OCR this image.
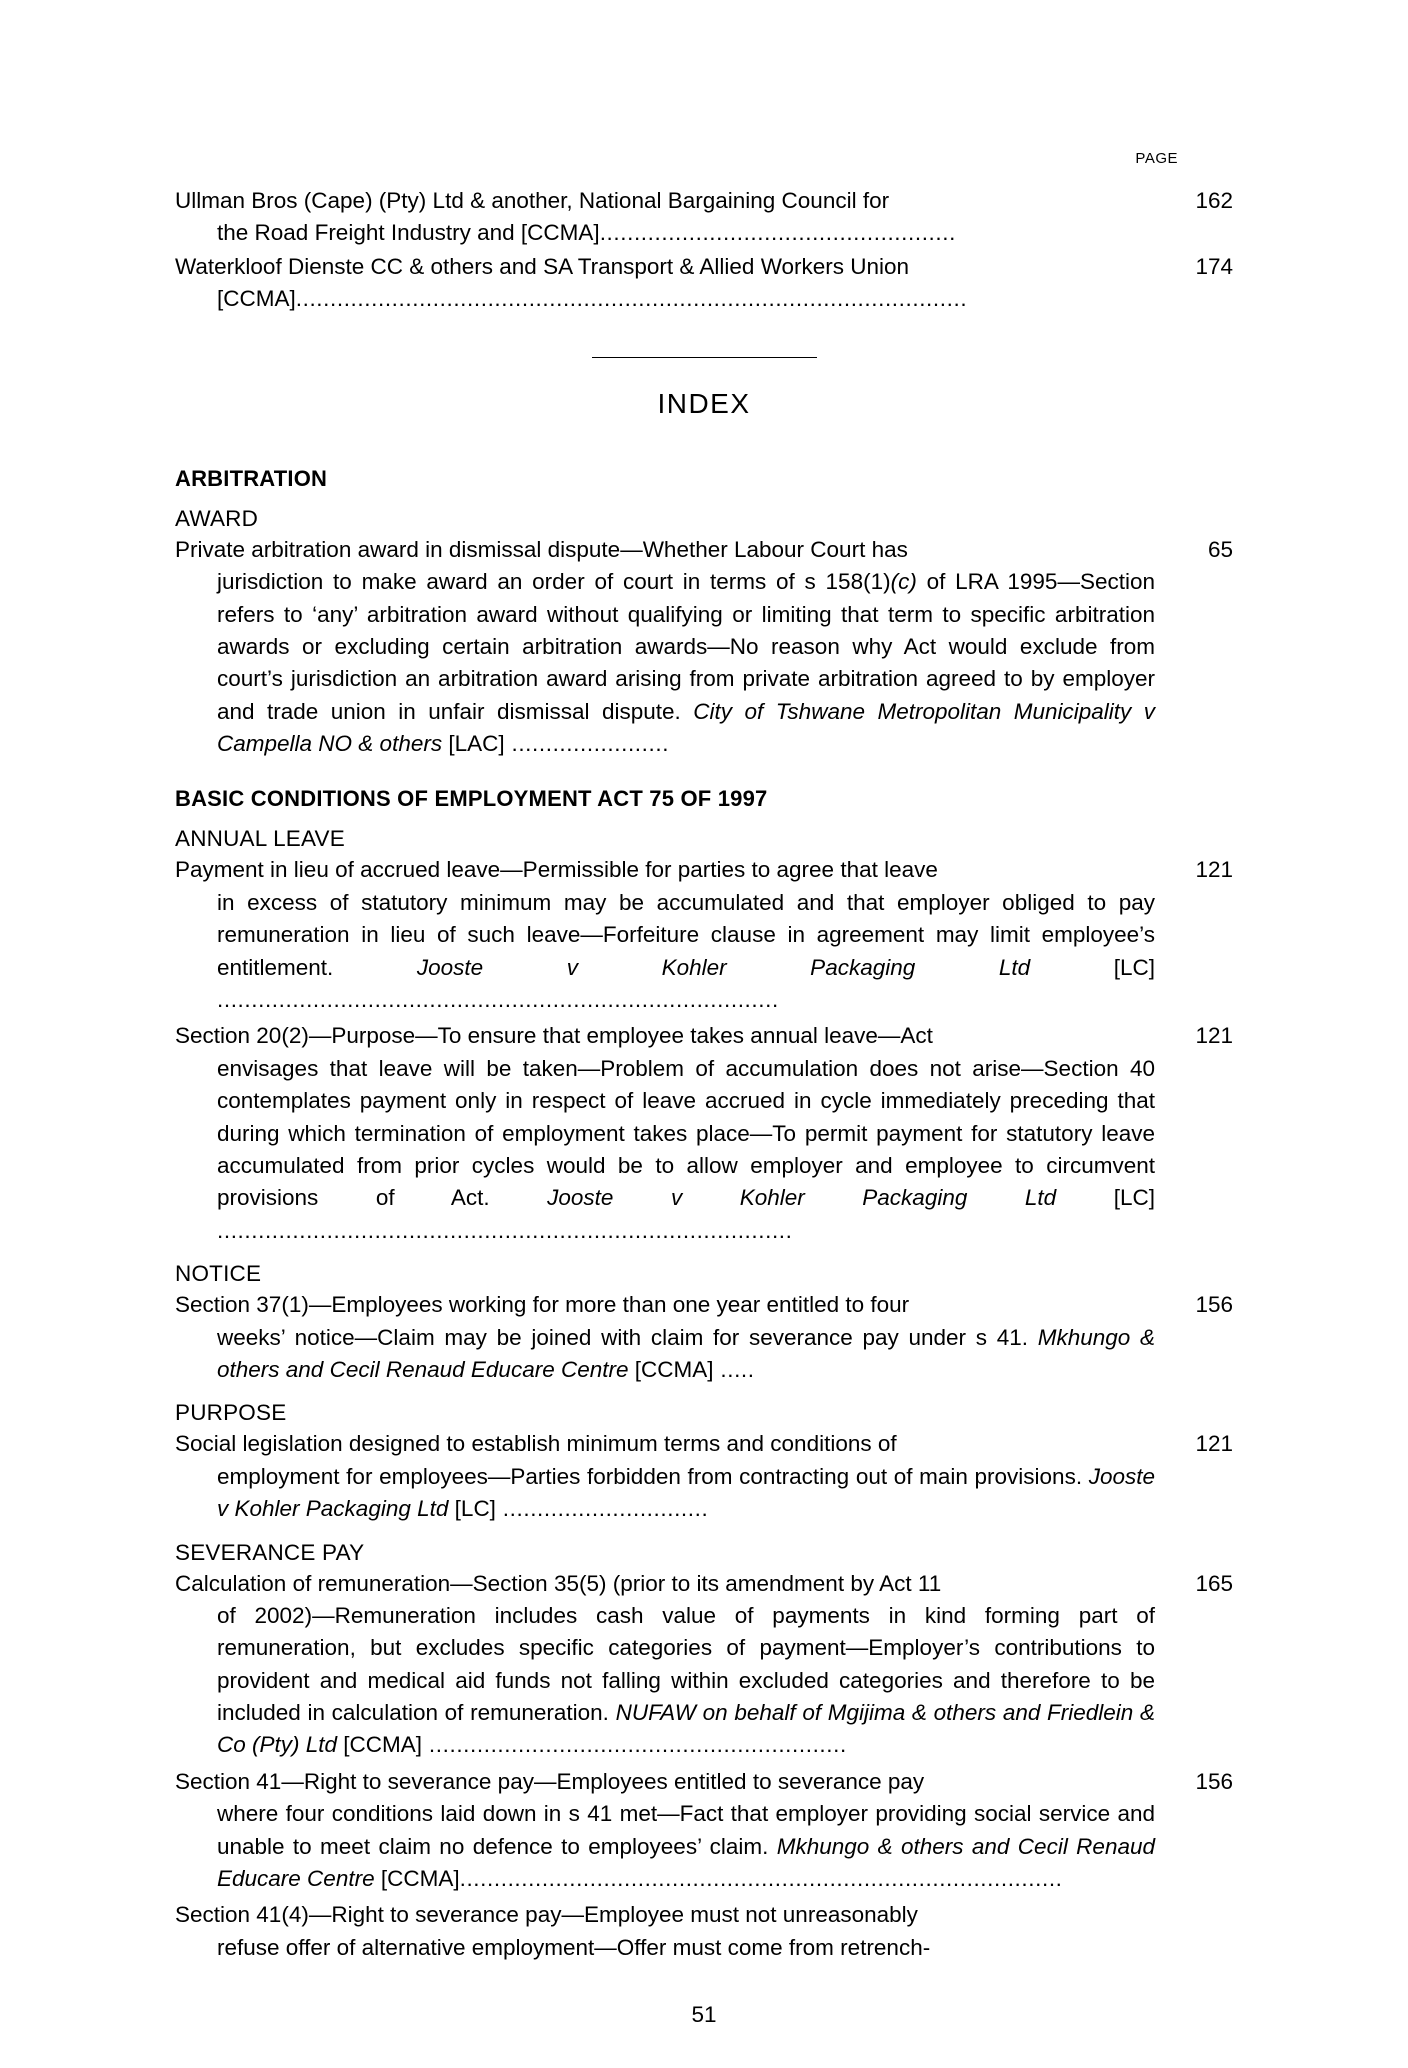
PAGE
Ullman Bros (Cape) (Pty) Ltd & another, National Bargaining Council for
the Road Freight Industry and [CCMA]....................................................
162
Waterkloof Dienste CC & others and SA Transport & Allied Workers Union
[CCMA]..................................................................................................
174
INDEX
ARBITRATION
AWARD

Private arbitration award in dismissal dispute—Whether Labour Court has

jurisdiction to make award an order of court in terms of s 158(1)(c) of LRA 1995—Section refers to ‘any’ arbitration award without qualifying or limiting that term to specific arbitration awards or excluding certain arbitration awards—No reason why Act would exclude from court’s jurisdiction an arbitration award arising from private arbitration agreed to by employer and trade union in unfair dismissal dispute. City of Tshwane Metropolitan Municipality v Campella NO & others [LAC] .......................

65
BASIC CONDITIONS OF EMPLOYMENT ACT 75 OF 1997
ANNUAL LEAVE

Payment in lieu of accrued leave—Permissible for parties to agree that leave

in excess of statutory minimum may be accumulated and that employer obliged to pay remuneration in lieu of such leave—Forfeiture clause in agreement may limit employee’s entitlement. Jooste v Kohler Packaging	Ltd [LC] ..................................................................................

121

Section 20(2)—Purpose—To ensure that employee takes annual leave—Act

envisages that leave will be taken—Problem of accumulation does not arise—Section 40 contemplates payment only in respect of leave accrued in cycle immediately preceding that during which termination of employment takes place—To permit payment for statutory leave accumulated from prior cycles would be to allow employer and employee to circumvent provisions of Act. Jooste v Kohler Packaging	Ltd [LC] ....................................................................................

121
NOTICE

Section 37(1)—Employees working for more than one year entitled to four

weeks’ notice—Claim may be joined with claim for severance pay under s 41. Mkhungo & others and Cecil Renaud Educare Centre [CCMA] .....

156
PURPOSE

Social legislation designed to establish minimum terms and conditions of

employment for employees—Parties forbidden from contracting out of main provisions. Jooste v Kohler Packaging Ltd [LC] ..............................

121
SEVERANCE PAY

Calculation of remuneration—Section 35(5) (prior to its amendment by Act 11

of 2002)—Remuneration includes cash value of payments in kind forming part of remuneration, but excludes specific categories of payment—Employer’s contributions to provident and medical aid funds not falling within excluded categories and therefore to be included in calculation of remuneration. NUFAW on behalf of Mgijima & others and Friedlein & Co (Pty) Ltd [CCMA] .............................................................

165

Section 41—Right to severance pay—Employees entitled to severance pay

where four conditions laid down in s 41 met—Fact that employer providing social service and unable to meet claim no defence to employees’ claim. Mkhungo & others and Cecil Renaud Educare Centre [CCMA]........................................................................................

156

Section 41(4)—Right to severance pay—Employee must not unreasonably

refuse offer of alternative employment—Offer must come from retrench-

51
